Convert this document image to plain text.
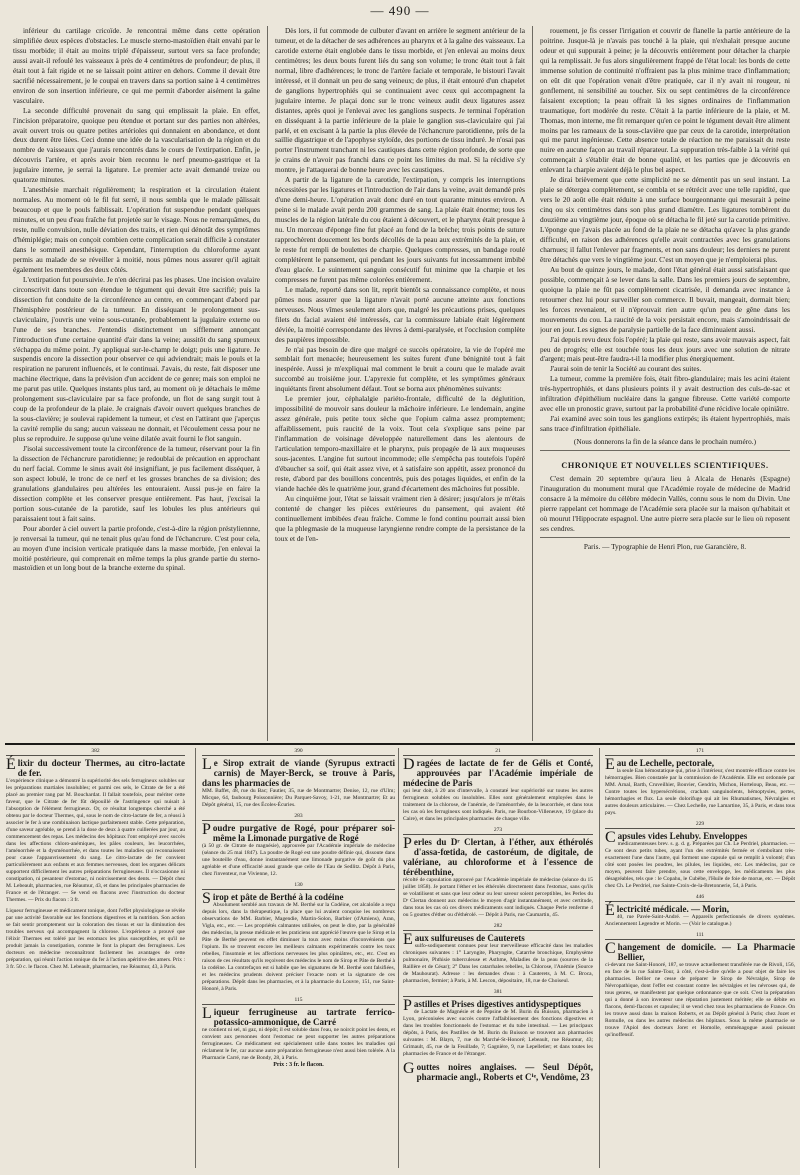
— 490 —

inférieur du cartilage cricoïde. Je rencontrai même dans cette opération simplifiée deux espèces d'obstacles. Le muscle sterno-mastoïdien était envahi par le tissu morbide; il était au moins triplé d'épaisseur, surtout vers sa face profonde; aussi avait-il refoulé les vaisseaux à près de 4 centimètres de profondeur; de plus, il était tout à fait rigide et ne se laissait point attirer en dehors. Comme il devait être sacrifié nécessairement, je le coupai en travers dans sa portion saine à 4 centimètres environ de son insertion inférieure, ce qui me permit d'aborder aisément la gaîne vasculaire.

La seconde difficulté provenait du sang qui emplissait la plaie. En effet, l'incision préparatoire, quoique peu étendue et portant sur des parties non altérées, avait ouvert trois ou quatre petites artérioles qui donnaient en abondance, et dont deux durent être liées. Ceci donne une idée de la vascularisation de la région et du nombre de vaisseaux que j'aurais rencontrés dans le cours de l'extirpation. Enfin, je découvris l'artère, et après avoir bien reconnu le nerf pneumo-gastrique et la jugulaire interne, je serrai la ligature. Le premier acte avait demandé treize ou quatorze minutes.

L'anesthésie marchait régulièrement; la respiration et la circulation étaient normales. Au moment où le fil fut serré, il nous sembla que le malade pâlissait beaucoup et que le pouls faiblissait. L'opération fut suspendue pendant quelques minutes, et un peu d'eau fraîche fut projetée sur le visage. Nous ne remarquâmes, du reste, nulle convulsion, nulle déviation des traits, et rien qui dénotât des symptômes d'hémiplégie; mais on conçoit combien cette complication serait difficile à constater dans le sommeil anesthésique. Cependant, l'interruption du chloroforme ayant permis au malade de se réveiller à moitié, nous pûmes nous assurer qu'il agitait également les membres des deux côtés.

L'extirpation fut poursuivie. Je n'en décrirai pas les phases. Une incision ovalaire circonscrivit dans toute son étendue le tégument qui devait être sacrifié; puis la dissection fut conduite de la circonférence au centre, en commençant d'abord par l'hémisphère postérieur de la tumeur. En disséquant le prolongement sus-claviculaire, j'ouvris une veine sous-cutanée, probablement la jugulaire externe ou l'une de ses branches. J'entendis distinctement un sifflement annonçant l'introduction d'une certaine quantité d'air dans la veine; aussitôt du sang spumeux s'échappa du même point. J'y appliquai sur-le-champ le doigt; puis une ligature. Je suspendis encore la dissection pour observer ce qui adviendrait; mais le pouls et la respiration ne parurent influencés, et le continuai. J'avais, du reste, fait disposer une machine électrique, dans la prévision d'un accident de ce genre; mais son emploi ne me parut pas utile. Quelques instants plus tard, au moment où je détachais le même prolongement sus-claviculaire par sa face profonde, un flot de sang surgit tout à coup de la profondeur de la plaie. Je craignais d'avoir ouvert quelques branches de la sous-clavière; je soulevai rapidement la tumeur, et c'est en l'attirant que j'aperçus la cavité remplie du sang; aucun vaisseau ne donnait, et l'écoulement cessa pour ne plus se reproduire. Je suppose qu'une veine dilatée avait fourni le flot sanguin.

J'isolai successivement toute la circonférence de la tumeur, réservant pour la fin la dissection de l'échancrure parotidienne; je redoublai de précaution en approchant du nerf facial. Comme le sinus avait été insignifiant, je pus facilement disséquer, à son aspect lobulé, le tronc de ce nerf et les grosses branches de sa division; des granulations glandulaires peu altérées les entouraient. Aussi pus-je en faire la dissection complète et les conserver presque entièrement. Pas haut, j'excisai la portion sous-cutanée de la parotide, sauf les lobules les plus antérieurs qui paraissaient tout à fait sains.

Pour aborder à ciel ouvert la partie profonde, c'est-à-dire la région préstyliennne, je renversai la tumeur, qui ne tenait plus qu'au fond de l'échancrure. C'est pour cela, au moyen d'une incision verticale pratiquée dans la masse morbide, j'en enlevai la moitié postérieure, qui comprenait en même temps la plus grande partie du sterno-mastoïdien et un long bout de la branche externe du spinal.

Dès lors, il fut commode de culbuter d'avant en arrière le segment antérieur de la tumeur, et de la détacher de ses adhérences au pharynx et à la gaîne des vaisseaux. La carotide externe était englobée dans le tissu morbide, et j'en enlevai au moins deux centimètres; les deux bouts furent liés du sang son volume; le tronc était tout à fait normal, libre d'adhérences; le tronc de l'artère faciale et temporale, le bistouri l'avait intéressé, et il donnait un peu de sang veineux; de plus, il était entouré d'un chapelet de ganglions hypertrophiés qui se continuaient avec ceux qui accompagnent la jugulaire interne. Je plaçai donc sur le tronc veineux audit deux ligatures assez distantes, après quoi je l'enlevai avec les ganglions suspects. Je terminai l'opération en disséquant à la partie inférieure de la plaie le ganglion sus-claviculaire qui j'ai parlé, et en excisant à la partie la plus élevée de l'échancrure parotidienne, près de la saillie digastrique et de l'apophyse styloïde, des portions de tissu induré. Je n'osai pas porter l'instrument tranchant ni les cautiques dans cette région profonde, de sorte que je crains de n'avoir pas franchi dans ce point les limites du mal. Si la récidive s'y montre, je l'attaquerai de bonne heure avec les caustiques.

A partir de la ligature de la carotide, l'extirpation, y compris les interruptions nécessitées par les ligatures et l'introduction de l'air dans la veine, avait demandé près d'une demi-heure. L'opération avait donc duré en tout quarante minutes environ. A peine si le malade avait perdu 200 grammes de sang. La plaie était énorme; tous les muscles de la région latérale du cou étaient à découvert, et le pharynx était presque à nu. Un morceau d'éponge fine fut placé au fond de la brèche; trois points de suture rapprochèrent doucement les bords décollés de la peau aux extrémités de la plaie, et le reste fut rempli de boulettes de charpie. Quelques compresses, un bandage roulé complétèrent le pansement, qui pendant les jours suivants fut incessamment imbibé d'eau glacée. Le suintement sanguin consécutif fut minime que la charpie et les compresses ne furent pas même colorées entièrement.

Le malade, reporté dans son lit, reprit bientôt sa connaissance complète, et nous pûmes nous assurer que la ligature n'avait porté aucune atteinte aux fonctions nerveuses. Nous vîmes seulement alors que, malgré les précautions prises, quelques filets du facial avaient été intéressés, car la commissure labiale était légèrement déviée, la moitié correspondante des lèvres à demi-paralysée, et l'occlusion complète des paupières impossible.

Je n'ai pas besoin de dire que malgré ce succès opératoire, la vie de l'opéré me semblait fort menacée; heureusement les suites furent d'une bénignité tout à fait inespérée. Aussi je m'expliquai mal comment le bruit a couru que le malade avait succombé au troisième jour. L'apyrexie fut complète, et les symptômes généraux inquiétants firent absolument défaut. Tout se borna aux phénomènes suivants:

Le premier jour, céphalalgie pariéto-frontale, difficulté de la déglutition, impossibilité de mouvoir sans douleur la mâchoire inférieure. Le lendemain, angine assez générale, puis petite toux sèche que l'opium calma assez promptement; affaiblissement, puis raucité de la voix. Tout cela s'explique sans peine par l'inflammation de voisinage développée naturellement dans les alentours de l'articulation temporo-maxillaire et le pharynx, puis propagée de là aux muqueuses sous-jacentes. L'angine fut surtout incommode; elle s'empêcha pas toutefois l'opéré d'ébaucher sa soif, qui était assez vive, et à satisfaire son appétit, assez prononcé du reste, d'abord par des bouillons concentrés, puis des potages liquides, et enfin de la viande hachée dès le quatrième jour, grand d'écartement des mâchoires fut possible.

Au cinquième jour, l'état se laissait vraiment rien à désirer; jusqu'alors je m'étais contenté de changer les pièces extérieures du pansement, qui avaient été continuellement imbibées d'eau fraîche. Comme le fond continu pourrait aussi bien que la phlegmasie de la muqueuse laryngienne rendre compte de la persistance de la toux et de l'en-

rouement, je fis cesser l'irrigation et couvrir de flanelle la partie antérieure de la poitrine. Jusque-là je n'avais pas touché à la plaie, qui n'exhalait presque aucune odeur et qui suppurait à peine; je la découvris entièrement pour détacher la charpie qui la remplissait. Je fus alors singulièrement frappé de l'état local: les bords de cette immense solution de continuité n'offraient pas la plus minime trace d'inflammation; on eût dit que l'opération venait d'être pratiquée, car il n'y avait ni rougeur, ni gonflement, ni sensibilité au toucher. Six ou sept centimètres de la circonférence faisaient exception; la peau offrait là les signes ordinaires de l'inflammation traumatique, fort modérée du reste. C'était à la partie inférieure de la plaie, et M. Thomas, mon interne, me fit remarquer qu'en ce point le tégument devait être aliment moins par les rameaux de la sous-clavière que par ceux de la carotide, interprétation qui me parut ingénieuse. Cette absence totale de réaction ne me paraissait du reste nuire en aucune façon au travail réparateur. La suppuration très-faible à la vérité qui commençait à s'établir était de bonne qualité, et les parties que je découvris en enlevant la charpie avaient déjà le plus bel aspect.

Je dirai brièvement que cette simplicité ne se démentit pas un seul instant. La plaie se détergea complètement, se combla et se rétrécit avec une telle rapidité, que vers le 20 août elle était réduite à une surface bourgeonnante qui mesurait à peine cinq ou six centimètres dans son plus grand diamètre. Les ligatures tombèrent du douzième au vingtième jour, époque où se détacha le fil jeté sur la carotide primitive. L'éponge que j'avais placée au fond de la plaie ne se détacha qu'avec la plus grande difficulté, en raison des adhérences qu'elle avait contractées avec les granulations charnues; il fallut l'enlever par fragments, et non sans douleur; les derniers ne purent être détachés que vers le vingtième jour. C'est un moyen que je n'emploierai plus.

Au bout de quinze jours, le malade, dont l'état général était aussi satisfaisant que possible, commençait à se lever dans la salle. Dans les premiers jours de septembre, quoique la plaie ne fût pas complètement cicatrisée, il demanda avec instance à retourner chez lui pour surveiller son commerce. Il buvait, mangeait, dormait bien; les forces revenaient, et il n'éprouvait rien autre qu'un peu de gêne dans les mouvements du cou. La raucité de la voix persistait encore, mais s'amoindrissait de jour en jour. Les signes de paralysie partielle de la face diminuaient aussi.

J'ai depuis revu deux fois l'opéré; la plaie qui reste, sans avoir mauvais aspect, fait peu de progrès; elle est touchée tous les deux jours avec une solution de nitrate d'argent; mais peut-être faudra-t-il la modifier plus énergiquement.

J'aurai soin de tenir la Société au courant des suites.

La tumeur, comme la première fois, était fibro-glandulaire; mais les acini étaient très-hypertrophiés, et dans plusieurs points il y avait destruction des culs-de-sac et infiltration d'épithélium nucléaire dans la gangue fibreuse. Cette variété comporte avec elle un pronostic grave, surtout par la probabilité d'une récidive locale opiniâtre.

J'ai examiné avec soin tous les ganglions extirpés; ils étaient hypertrophiés, mais sans trace d'infiltration épithéliale.

(Nous donnerons la fin de la séance dans le prochain numéro.)
CHRONIQUE ET NOUVELLES SCIENTIFIQUES.

C'est demain 20 septembre qu'aura lieu à Alcala de Henarès (Espagne) l'inauguration du monument mural que l'Académie royale de médecine de Madrid consacre à la mémoire du célèbre médecin Vallès, connu sous le nom du Divin. Une pierre rappelant cet hommage de l'Académie sera placée sur la maison qu'habitait et où mourut l'Hippocrate espagnol. Une autre pierre sera placée sur le lieu où reposent ses cendres.

Paris. — Typographie de Henri Plon, rue Garancière, 8.
382
Élixir du docteur Thermes, au citro-lactate de fer.
L'expérience clinique a démontré la supériorité des sels ferrugineux solubles sur les préparations martiales insolubles; et parmi ces sels, le Citrate de fer a été placé au premier rang par M. Bouchardat. Il fallait toutefois, pour mériter cette faveur, que le Citrate de fer fût dépouillé de l'astringence qui nuisait à l'absorption de l'élément ferrugineux. Or, ce résultat longtemps cherché a été obtenu par le docteur Thermes, qui, sous le nom de citro-lactate de fer, a réussi à associer le fer à une combinaison lactique parfaitement stable. Cette préparation, d'une saveur agréable, se prend à la dose de deux à quatre cuillerées par jour, au commencement des repas. Les médecins des hôpitaux l'ont employé avec succès dans les affections chloro-anémiques, les pâles couleurs, les leucorrhées, l'aménorrhée et la dysménorrhée, et dans toutes les maladies qui reconnaissent pour cause l'appauvrissement du sang. Le citro-lactate de fer convient particulièrement aux enfants et aux femmes nerveuses, dont les organes délicats supportent difficilement les autres préparations ferrugineuses. Il n'occasionne ni constipation, ni pesanteur d'estomac, ni noircissement des dents. — Dépôt chez M. Lebeault, pharmacien, rue Réaumur, 43, et dans les principales pharmacies de France et de l'étranger. — Se vend en flacons avec l'instruction du docteur Thermes. — Prix du flacon : 3 fr.
Liqueur ferrugineuse et médicament tonique, dont l'effet physiologique se révèle par une activité favorable sur les fonctions digestives et la nutrition. Son action se fait sentir promptement sur la coloration des tissus et sur la diminution des troubles nerveux qui accompagnent la chlorose. L'expérience a prouvé que l'élixir Thermes est toléré par les estomacs les plus susceptibles, et qu'il ne produit jamais la constipation, comme le font la plupart des ferrugineux. Les docteurs en médecine reconnaîtront facilement les avantages de cette préparation, qui réunit l'action tonique du fer à l'action apéritive des amers. Prix : 3 fr. 50 c. le flacon. Chez M. Lebeault, pharmacien, rue Réaumur, 43, à Paris.
390
Le Sirop extrait de viande (Syrupus extracti carnis) de Mayer-Berck, se trouve à Paris, dans les pharmacies de
MM. Baffet, 48, rue du Bac; Fautier, 35, rue de Montmartre; Denise, 12, rue d'Ulm; Micque, 64, faubourg Poissonnière; Du Parquet-Savoy, 1-21, rue Montmartre; Et au Dépôt général, 15, rue des Écoles-Écuries.
283
Poudre purgative de Rogé, pour préparer soi-même la Limonade purgative de Rogé
(à 50 gr. de Citrate de magnésie), approuvée par l'Académie impériale de médecine (séance du 25 mai 1847). La poudre de Rogé est une poudre définie qui, dissoute dans une bouteille d'eau, donne instantanément une limonade purgative de goût du plus agréable et d'une efficacité aussi grande que celle de l'Eau de Sedlitz. Dépôt à Paris, chez l'inventeur, rue Vivienne, 12.
130
Sirop et pâte de Berthé à la codéine
Absolument semblé aux travaux de M. Berthé sur la Codéine, cet alcaloïde a reçu depuis lors, dans la thérapeutique, la place que lui avaient conquise les nombreux observations de MM. Barbier, Magendie, Martin-Solon, Barbier (d'Amiens), Aran, Vigla, etc., etc. — Les propriétés calmantes utilisées, on peut le dire, par la généralité des médecins, la presse médicale et les praticiens ont apprécié l'œuvre que le Sirop et la Pâte de Berthé peuvent en effet diminuer la toux avec moins d'inconvénients que l'opium. Ils se trouvent encore les meilleurs calmants expérimentés contre les toux rebelles, l'insomnie et les affections nerveuses les plus opiniâtres, etc., etc. C'est en raison de ces résultats qu'ils reçoivent des médecins le nom de Sirop et Pâte de Berthé à la codéine. La contrefaçon est si habile que les signatures de M. Berthé sont falsifiées, et les médecins prudents doivent préciser l'exacte nom et la signature de ces préparations. Dépôt dans les pharmacies, et à la pharmacie du Louvre, 151, rue Saint-Honoré, à Paris.
115
Liqueur ferrugineuse au tartrate ferrico-potassico-ammonique, de Carré
ne contient ni sel, ni gaz, ni dépôt; il est soluble dans l'eau, ne noircit point les dents, et convient aux personnes dont l'estomac ne peut supporter les autres préparations ferrugineuses. Ce médicament est spécialement utile dans toutes les maladies qui réclament le fer, car aucune autre préparation ferrugineuse n'est aussi bien tolérée. A la Pharmacie Carré, rue de Bondy, 28, à Paris.
Prix : 3 fr. le flacon.
21
Dragées de lactate de fer de Gélis et Conté, approuvées par l'Académie impériale de médecine de Paris
qui leur doit, à 20 ans d'intervalle, à constaté leur supériorité sur toutes les autres ferrugineux solubles ou insolubles. Elles sont généralement employées dans le traitement de la chlorose, de l'anémie, de l'aménorrhée, de la leucorrhée, et dans tous les cas où les ferrugineux sont indiqués. Paris, rue Bourbon-Villeneuve, 19 (place du Caire), et dans les principales pharmacies de chaque ville.
273
Perles du Dʳ Clertan, à l'éther, aux éthérolés d'assa-fœtida, de castoréum, de digitale, de valériane, au chloroforme et à l'essence de térébenthine,
récolté de capsulation approuvé par l'Académie impériale de médecine (séance du 15 juillet 1858). Je portant l'éther et les éthérolés directement dans l'estomac, sans qu'ils se volatilisent et sans que leur odeur ou leur saveur soient perceptibles, les Perles du Dʳ Clertan donnent aux médecins le moyen d'agir instantanément, et avec certitude, dans tous les cas où ces divers médicaments sont indiqués. Chaque Perle renferme 4 ou 5 gouttes d'éther ou d'éthérolé. — Dépôt à Paris, rue Caumartin, 45.
282
Eaux sulfureuses de Cauterets
sulfo-sodiquement connues pour leur merveilleuse efficacité dans les maladies chroniques suivantes : 1° Laryngite, Pharyngite, Catarrhe bronchique, Emphysème pulmonaire, Phthisie tuberculeuse et Asthme, Maladies de la peau (sources de la Raillère et de César); 2° Dans les catarrhales rebelles, la Chlorose, l'Anémie (Source de Mauhourat). Adresse : les demandes d'eau : à Cauterets, à M. C. Broca, pharmacien, fermier; à Paris, à M. Lescon, dépositaire, 18, rue de Choiseul.
381
Pastilles et Prises digestives antidyspeptiques
de Lactate de Magnésie et de Pepsine de M. Burin du Buisson, pharmacien à Lyon, préconisées avec succès contre l'affaiblissement des fonctions digestives et dans les troubles fonctionnels de l'estomac et du tube intestinal. — Les principaux dépôts, à Paris, des Pastilles de M. Burin du Buisson se trouvent aux pharmacies suivantes : M. Blayn, 7, rue du Marché-St-Honoré; Lebeault, rue Réaumur, 43; Grimault, 45, rue de la Feuillade, 7; Gagnière, 9, rue Lepelletier; et dans toutes les pharmacies de France et de l'étranger.
Gouttes noires anglaises. — Seul Dépôt, pharmacie angl., Roberts et Cⁱᵉ, Vendôme, 23
171
Eau de Lechelle, pectorale,
la seule Eau hémostatique qui, prise à l'intérieur, s'est montrée efficace contre les hémorragies. Bien constatée par la commission de l'Académie. Elle est ordonnée par MM. Arnal, Barth, Cruveilhier, Bouvier, Gendrin, Michon, Horteloup, Beau, etc. — Contre toutes les hypersécrétions, crachats sanguinolents, hémoptysies, pertes, hémorrhagies et flux. La seule dolorifuge qui ait les Rhumatismes, Névralgies et autres douleurs articulaires. — Chez Lechelle, rue Lamartine, 35, à Paris, et dans tous pays.
229
Capsules vides Lehuby. Enveloppes
médicamenteuses brev. s. g. d. g. Préparées par Ch. Le Perdriel, pharmacien. — Ce sont deux petits tubes, ayant l'un des extrémités fermée et s'emboîtant très-exactement l'une dans l'autre, qui forment une capsule qui se remplit à volonté; d'un côté sont posées les poudres, les pilules, les liquides, etc. Les médecins, par ce moyen, peuvent faire prendre, sous cette enveloppe, les médicaments les plus désagréables, tels que : le Copahu, le Cubèbe, l'Huile de foie de morue, etc. — Dépôt chez Ch. Le Perdriel, rue Sainte-Croix-de-la-Bretonnerie, 54, à Paris.
446
Électricité médicale. — Morin,
40, rue Pavée-Saint-André. — Appareils perfectionnés de divers systèmes. Anciennement Legendre et Morin. — (Voir le catalogue.)
111
Changement de domicile. — La Pharmacie Bellier,
ci-devant rue Saint-Honoré, 187, se trouve actuellement transférée rue de Rivoli, 156, en face de la rue Sainte-Tour, à côté, c'est-à-dire qu'elle a pour objet de faire les pharmacies. Bellier ne cesse de préparer le Sirop de Névralgie, Sirop de Névropathique, dont l'effet est constant contre les névralgies et les névroses qui, de tous genres, se manifestent par quelque ordonnance que ce soit. C'est la préparation qui a donné à son inventeur une réputation justement méritée; elle se débite en flacons, demi-flacons et capsules; il se vend chez tous les pharmaciens de France. On les trouve aussi dans la maison Roberts, et au Dépôt général à Paris; chez Jozet et Romulle, ou dans les autres médecins des hôpitaux. Sous la même pharmacie se trouve l'Apiol des docteurs Joret et Homolle, emménagogue aussi puissant qu'inoffensif.
